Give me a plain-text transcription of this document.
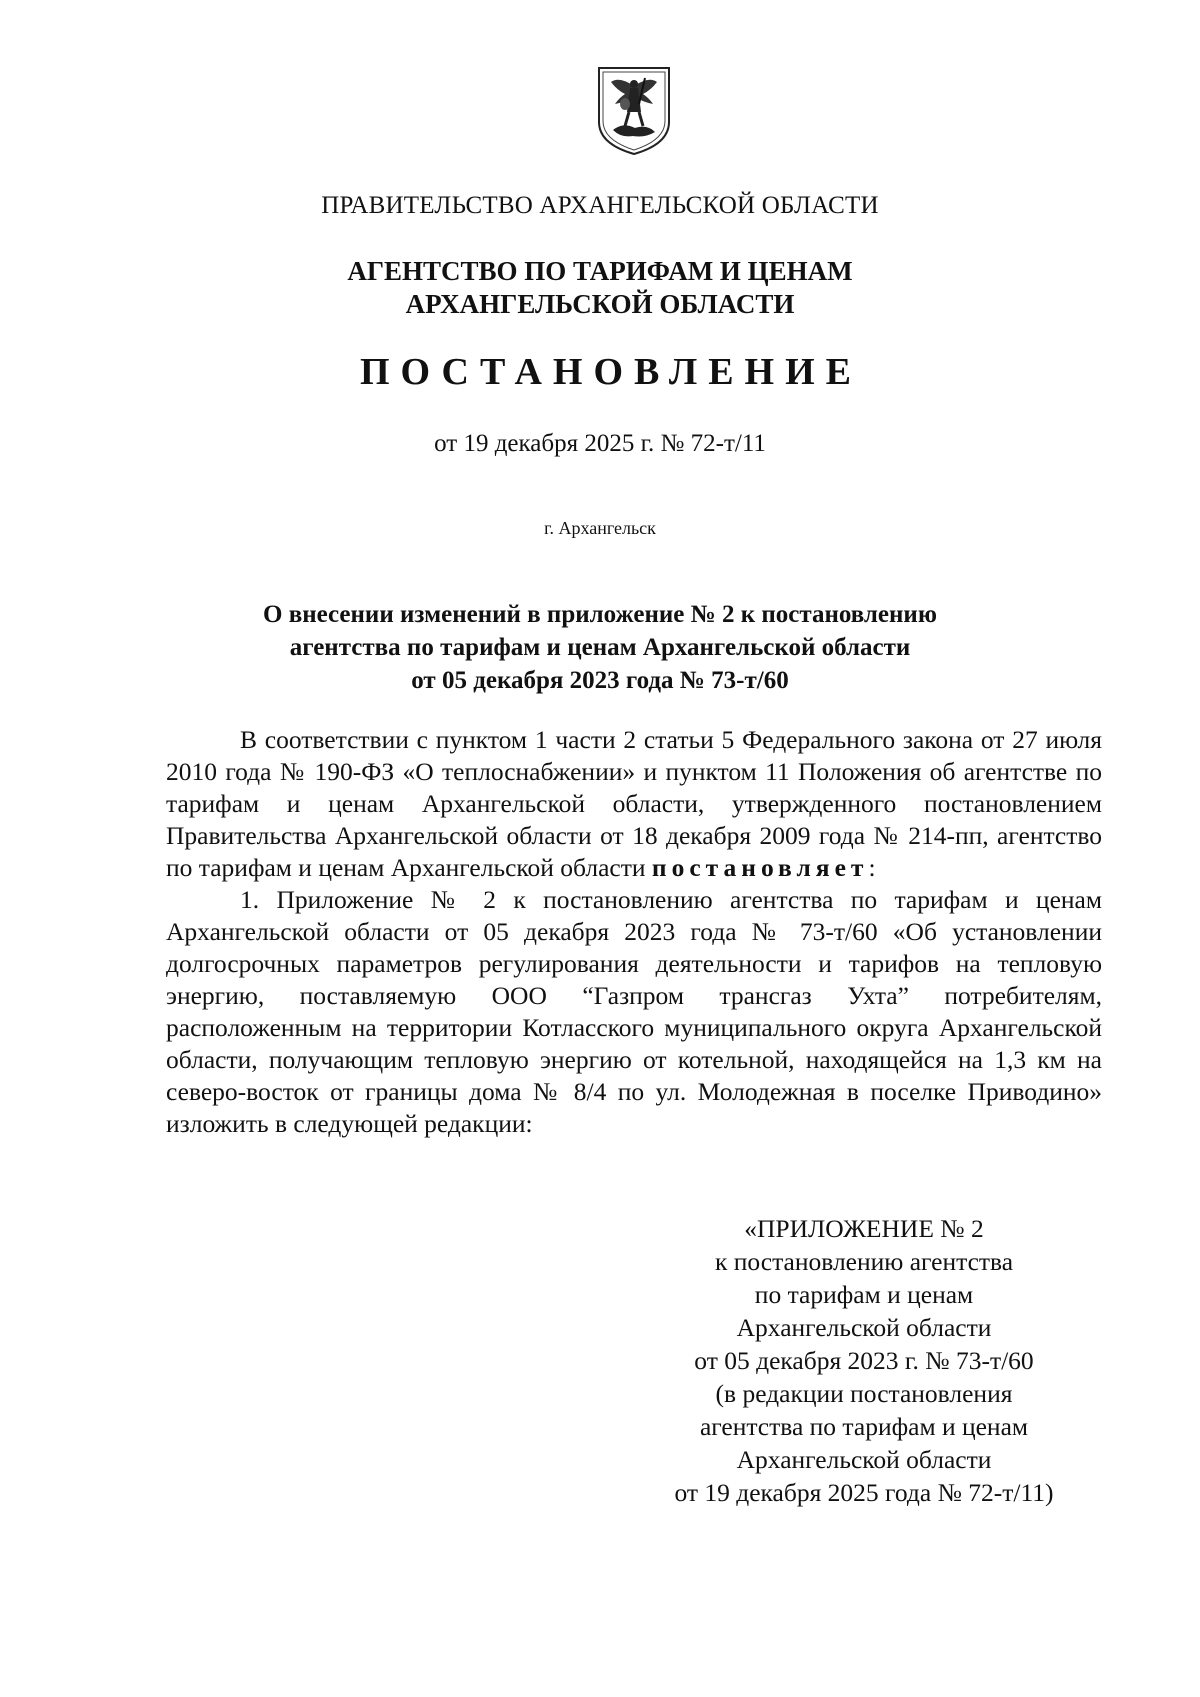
ПРАВИТЕЛЬСТВО АРХАНГЕЛЬСКОЙ ОБЛАСТИ
АГЕНТСТВО ПО ТАРИФАМ И ЦЕНАМ
АРХАНГЕЛЬСКОЙ ОБЛАСТИ
ПОСТАНОВЛЕНИЕ
от 19 декабря 2025 г. № 72-т/11
г. Архангельск
О внесении изменений в приложение № 2 к постановлению
агентства по тарифам и ценам Архангельской области
от 05 декабря 2023 года № 73-т/60

В соответствии с пунктом 1 части 2 статьи 5 Федерального закона от 27 июля 2010 года № 190-ФЗ «О теплоснабжении» и пунктом 11 Положения об агентстве по тарифам и ценам Архангельской области, утвержденного постановлением Правительства Архангельской области от 18 декабря 2009 года № 214-пп, агентство по тарифам и ценам Архангельской области постановляет:

1. Приложение № 2 к постановлению агентства по тарифам и ценам Архангельской области от 05 декабря 2023 года № 73-т/60 «Об установлении долгосрочных параметров регулирования деятельности и тарифов на тепловую энергию, поставляемую ООО “Газпром трансгаз Ухта” потребителям, расположенным на территории Котласского муниципального округа Архангельской области, получающим тепловую энергию от котельной, находящейся на 1,3 км на северо-восток от границы дома № 8/4 по ул. Молодежная в поселке Приводино» изложить в следующей редакции:

«ПРИЛОЖЕНИЕ № 2
к постановлению агентства
по тарифам и ценам
Архангельской области
от 05 декабря 2023 г. № 73-т/60
(в редакции постановления
агентства по тарифам и ценам
Архангельской области
от 19 декабря 2025 года № 72-т/11)
